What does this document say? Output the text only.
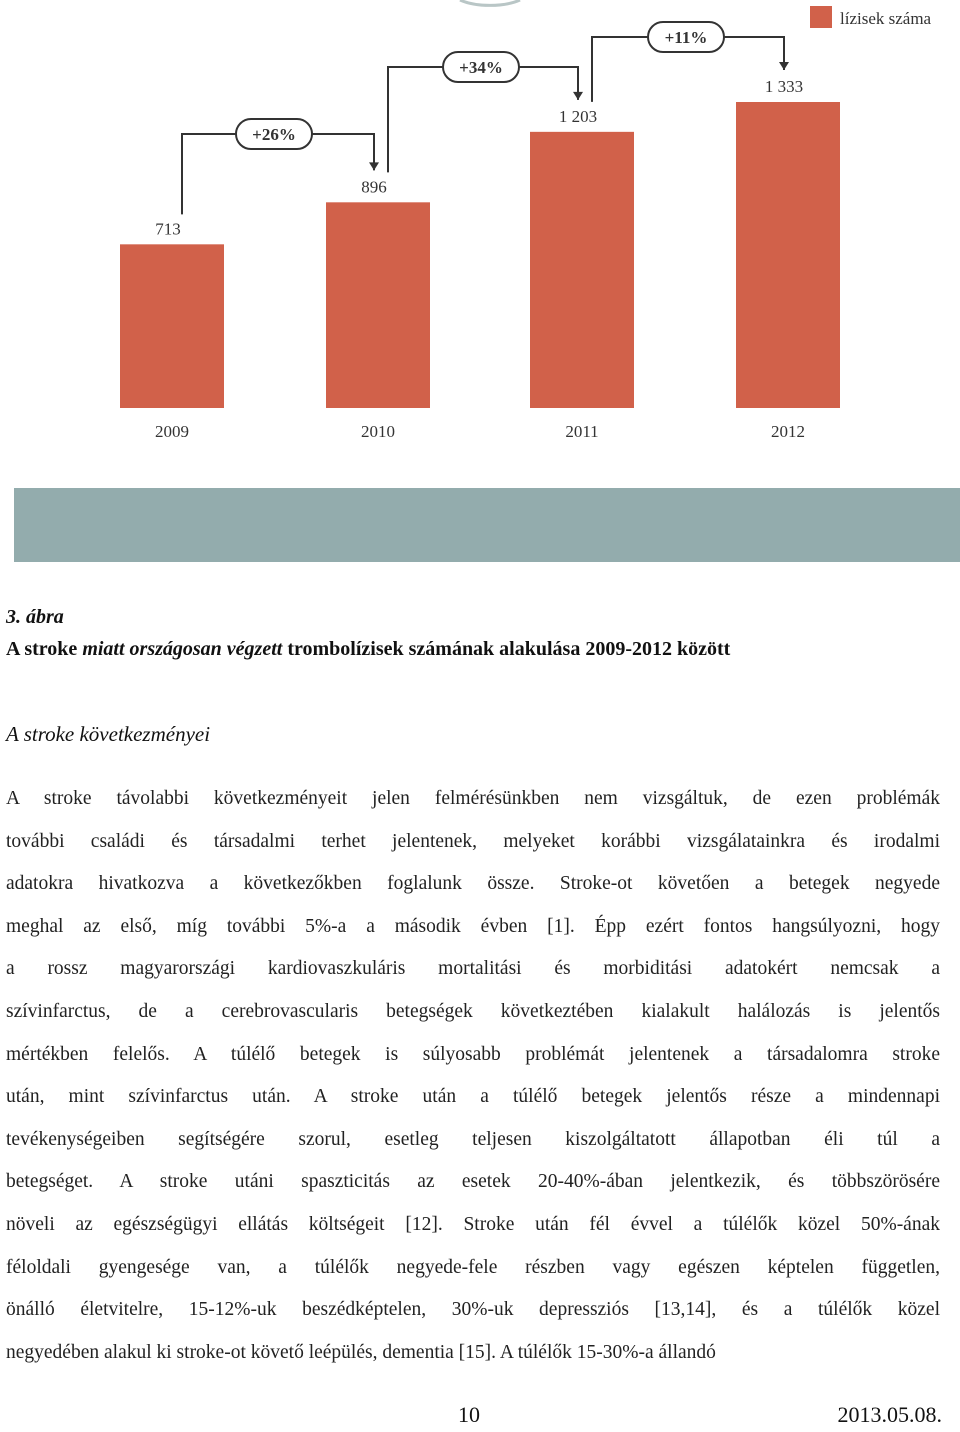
713
2009
896
2010
1 203
2011
1 333
2012
+26%
+34%
+11%
lízisek száma
3. ábra
A stroke miatt országosan végzett trombolízisek számának alakulása 2009-2012 között
A stroke következményei
A stroke távolabbi következményeit jelen felmérésünkben nem vizsgáltuk, de ezen problémák
további családi és társadalmi terhet jelentenek, melyeket korábbi vizsgálatainkra és irodalmi
adatokra hivatkozva a következőkben foglalunk össze. Stroke-ot követően a betegek negyede
meghal az első, míg további 5%-a a második évben [1]. Épp ezért fontos hangsúlyozni, hogy
a rossz magyarországi kardiovaszkuláris mortalitási és morbiditási adatokért nemcsak a
szívinfarctus, de a cerebrovascularis betegségek következtében kialakult halálozás is jelentős
mértékben felelős. A túlélő betegek is súlyosabb problémát jelentenek a társadalomra stroke
után, mint szívinfarctus után. A stroke után a túlélő betegek jelentős része a mindennapi
tevékenységeiben segítségére szorul, esetleg teljesen kiszolgáltatott állapotban éli túl a
betegséget. A stroke utáni spaszticitás az esetek 20-40%-ában jelentkezik, és többszörösére
növeli az egészségügyi ellátás költségeit [12]. Stroke után fél évvel a túlélők közel 50%-ának
féloldali gyengesége van, a túlélők negyede-fele részben vagy egészen képtelen független,
önálló életvitelre, 15-12%-uk beszédképtelen, 30%-uk depressziós [13,14], és a túlélők közel
negyedében alakul ki stroke-ot követő leépülés, dementia [15]. A túlélők 15-30%-a állandó
10	2013.05.08.
